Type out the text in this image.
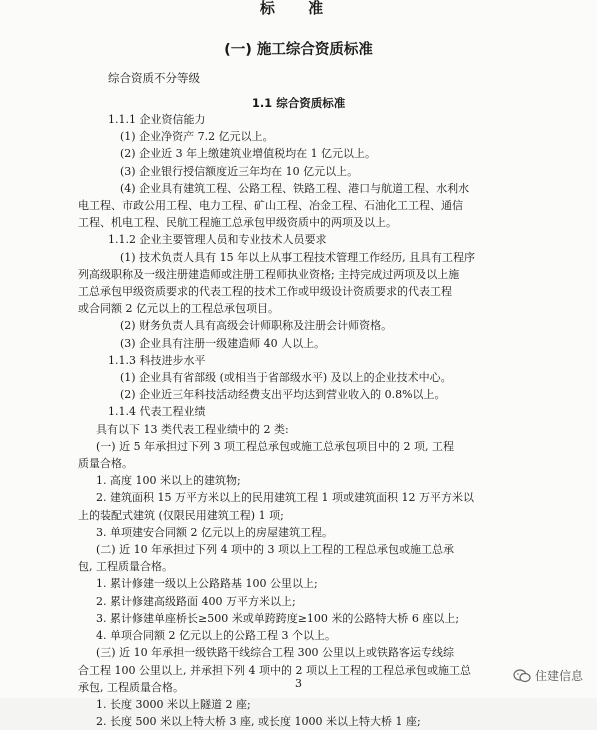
标 准
(一) 施工综合资质标准
综合资质不分等级
1.1 综合资质标准
1.1.1 企业资信能力
(1) 企业净资产 7.2 亿元以上。
(2) 企业近 3 年上缴建筑业增值税均在 1 亿元以上。
(3) 企业银行授信额度近三年均在 10 亿元以上。
(4) 企业具有建筑工程、公路工程、铁路工程、港口与航道工程、水利水
电工程、市政公用工程、电力工程、矿山工程、冶金工程、石油化工工程、通信
工程、机电工程、民航工程施工总承包甲级资质中的两项及以上。
1.1.2 企业主要管理人员和专业技术人员要求
(1) 技术负责人具有 15 年以上从事工程技术管理工作经历, 且具有工程序
列高级职称及一级注册建造师或注册工程师执业资格; 主持完成过两项及以上施
工总承包甲级资质要求的代表工程的技术工作或甲级设计资质要求的代表工程
或合同额 2 亿元以上的工程总承包项目。
(2) 财务负责人具有高级会计师职称及注册会计师资格。
(3) 企业具有注册一级建造师 40 人以上。
1.1.3 科技进步水平
(1) 企业具有省部级 (或相当于省部级水平) 及以上的企业技术中心。
(2) 企业近三年科技活动经费支出平均达到营业收入的 0.8%以上。
1.1.4 代表工程业绩
具有以下 13 类代表工程业绩中的 2 类:
(一) 近 5 年承担过下列 3 项工程总承包或施工总承包项目中的 2 项, 工程
质量合格。
1. 高度 100 米以上的建筑物;
2. 建筑面积 15 万平方米以上的民用建筑工程 1 项或建筑面积 12 万平方米以
上的装配式建筑 (仅限民用建筑工程) 1 项;
3. 单项建安合同额 2 亿元以上的房屋建筑工程。
(二) 近 10 年承担过下列 4 项中的 3 项以上工程的工程总承包或施工总承
包, 工程质量合格。
1. 累计修建一级以上公路路基 100 公里以上;
2. 累计修建高级路面 400 万平方米以上;
3. 累计修建单座桥长≥500 米或单跨跨度≥100 米的公路特大桥 6 座以上;
4. 单项合同额 2 亿元以上的公路工程 3 个以上。
(三) 近 10 年承担一级铁路干线综合工程 300 公里以上或铁路客运专线综
合工程 100 公里以上, 并承担下列 4 项中的 2 项以上工程的工程总承包或施工总
承包, 工程质量合格。
1. 长度 3000 米以上隧道 2 座;
2. 长度 500 米以上特大桥 3 座, 或长度 1000 米以上特大桥 1 座;
3
住建信息
